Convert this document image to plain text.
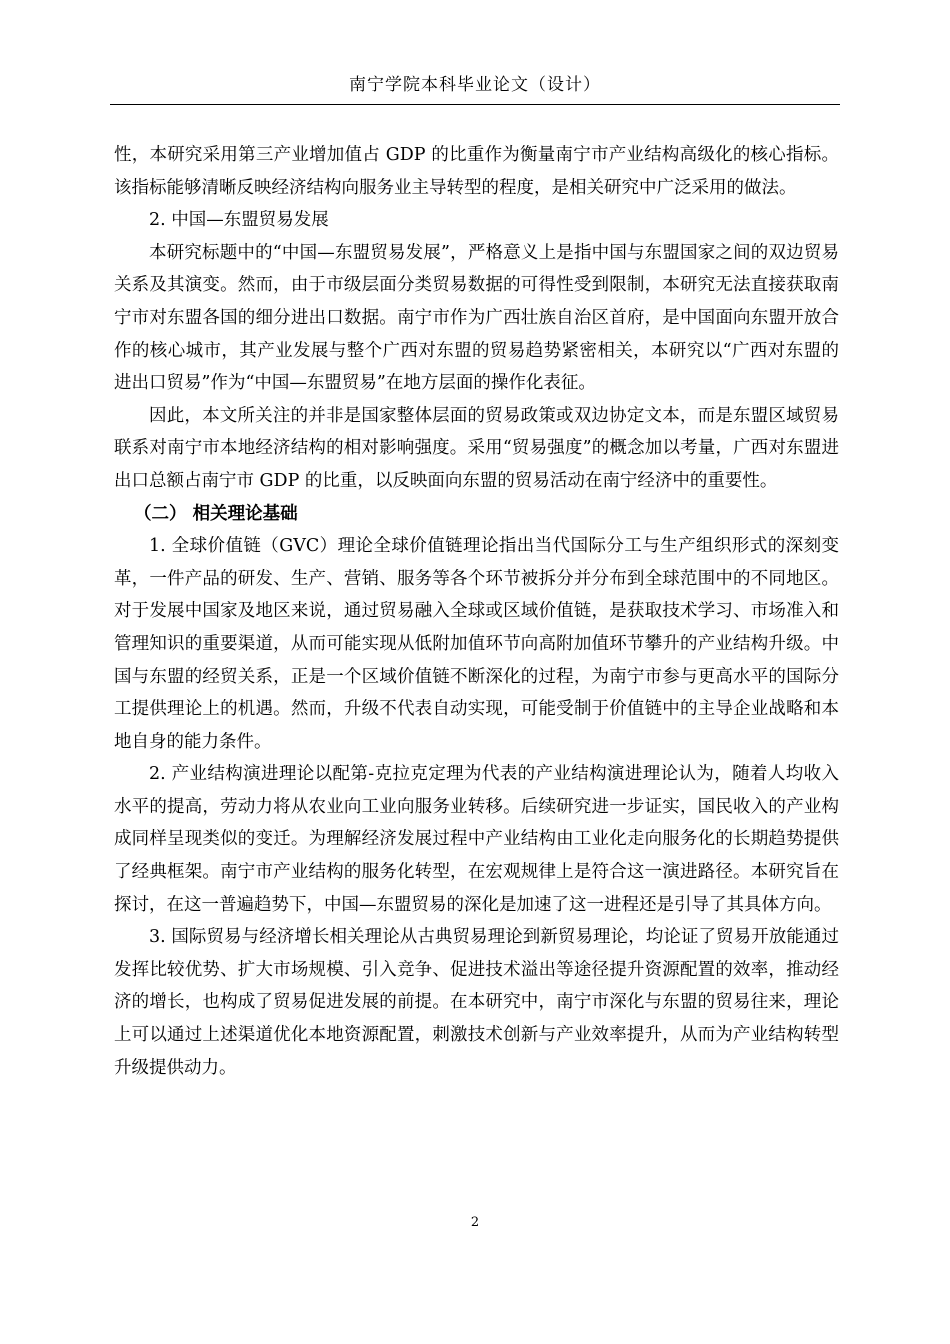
南宁学院本科毕业论文（设计）

性，本研究采用第三产业增加值占 GDP 的比重作为衡量南宁市产业结构高级化的核心指标。该指标能够清晰反映经济结构向服务业主导转型的程度，是相关研究中广泛采用的做法。

2. 中国—东盟贸易发展

本研究标题中的“中国—东盟贸易发展”，严格意义上是指中国与东盟国家之间的双边贸易关系及其演变。然而，由于市级层面分类贸易数据的可得性受到限制，本研究无法直接获取南宁市对东盟各国的细分进出口数据。南宁市作为广西壮族自治区首府，是中国面向东盟开放合作的核心城市，其产业发展与整个广西对东盟的贸易趋势紧密相关，本研究以“广西对东盟的进出口贸易”作为“中国—东盟贸易”在地方层面的操作化表征。

因此，本文所关注的并非是国家整体层面的贸易政策或双边协定文本，而是东盟区域贸易联系对南宁市本地经济结构的相对影响强度。采用“贸易强度”的概念加以考量，广西对东盟进出口总额占南宁市 GDP 的比重，以反映面向东盟的贸易活动在南宁经济中的重要性。

（二） 相关理论基础

1. 全球价值链（GVC）理论全球价值链理论指出当代国际分工与生产组织形式的深刻变革，一件产品的研发、生产、营销、服务等各个环节被拆分并分布到全球范围中的不同地区。对于发展中国家及地区来说，通过贸易融入全球或区域价值链，是获取技术学习、市场准入和管理知识的重要渠道，从而可能实现从低附加值环节向高附加值环节攀升的产业结构升级。中国与东盟的经贸关系，正是一个区域价值链不断深化的过程，为南宁市参与更高水平的国际分工提供理论上的机遇。然而，升级不代表自动实现，可能受制于价值链中的主导企业战略和本地自身的能力条件。

2. 产业结构演进理论以配第-克拉克定理为代表的产业结构演进理论认为，随着人均收入水平的提高，劳动力将从农业向工业向服务业转移。后续研究进一步证实，国民收入的产业构成同样呈现类似的变迁。为理解经济发展过程中产业结构由工业化走向服务化的长期趋势提供了经典框架。南宁市产业结构的服务化转型，在宏观规律上是符合这一演进路径。本研究旨在探讨，在这一普遍趋势下，中国—东盟贸易的深化是加速了这一进程还是引导了其具体方向。

3. 国际贸易与经济增长相关理论从古典贸易理论到新贸易理论，均论证了贸易开放能通过发挥比较优势、扩大市场规模、引入竞争、促进技术溢出等途径提升资源配置的效率，推动经济的增长，也构成了贸易促进发展的前提。在本研究中，南宁市深化与东盟的贸易往来，理论上可以通过上述渠道优化本地资源配置，刺激技术创新与产业效率提升，从而为产业结构转型升级提供动力。

2
